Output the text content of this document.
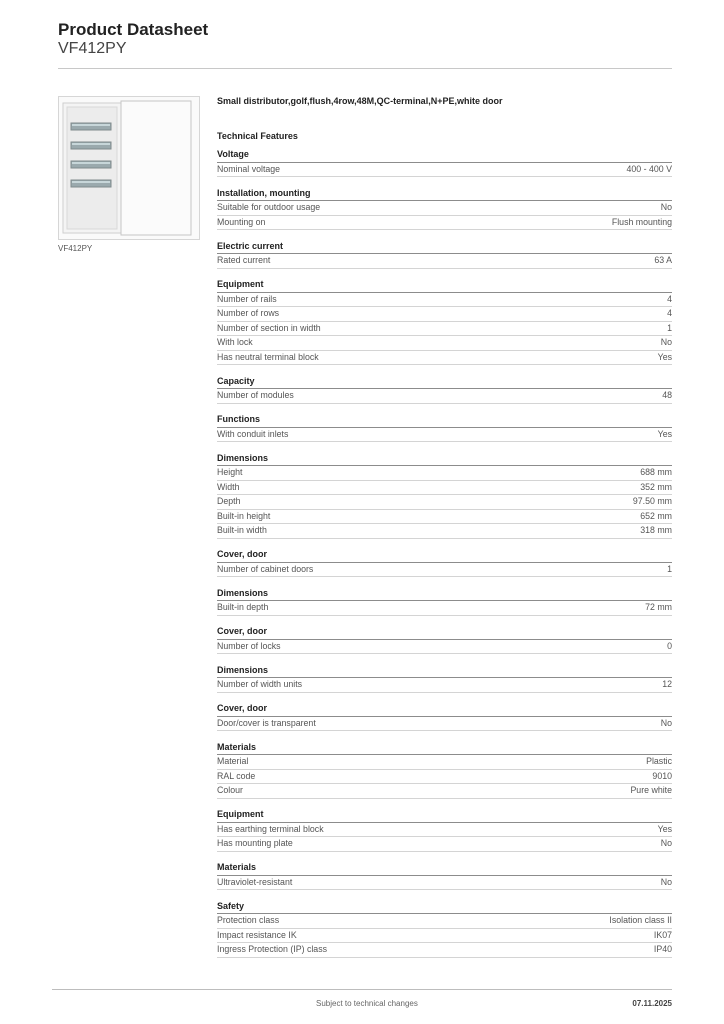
Product Datasheet
VF412PY
VF412PY
Small distributor,golf,flush,4row,48M,QC-terminal,N+PE,white door
Technical Features
Voltage
Nominal voltage	400 - 400 V
Installation, mounting
Suitable for outdoor usage	No
Mounting on	Flush mounting
Electric current
Rated current	63 A
Equipment
Number of rails	4
Number of rows	4
Number of section in width	1
With lock	No
Has neutral terminal block	Yes
Capacity
Number of modules	48
Functions
With conduit inlets	Yes
Dimensions
Height	688 mm
Width	352 mm
Depth	97.50 mm
Built-in height	652 mm
Built-in width	318 mm
Cover, door
Number of cabinet doors	1
Dimensions
Built-in depth	72 mm
Cover, door
Number of locks	0
Dimensions
Number of width units	12
Cover, door
Door/cover is transparent	No
Materials
Material	Plastic
RAL code	9010
Colour	Pure white
Equipment
Has earthing terminal block	Yes
Has mounting plate	No
Materials
Ultraviolet-resistant	No
Safety
Protection class	Isolation class II
Impact resistance IK	IK07
Ingress Protection (IP) class	IP40
Subject to technical changes	07.11.2025
